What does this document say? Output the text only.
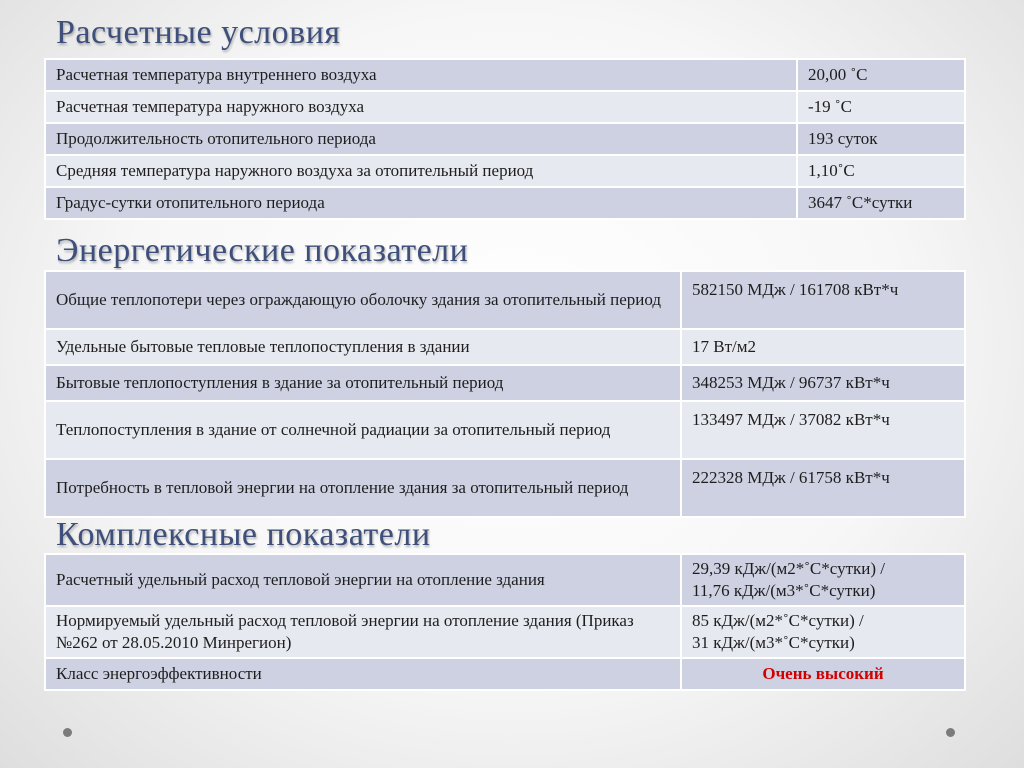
Расчетные условия
Расчетная температура внутреннего воздуха	20,00 ˚С
Расчетная температура наружного воздуха	-19 ˚С
Продолжительность отопительного периода	193 суток
Средняя температура наружного воздуха за отопительный период	1,10˚С
Градус-сутки отопительного периода	3647 ˚С*сутки
Энергетические показатели
Общие теплопотери через ограждающую оболочку здания за отопительный период	582150 МДж / 161708 кВт*ч
Удельные бытовые тепловые теплопоступления в здании	17 Вт/м2
Бытовые теплопоступления в здание за отопительный период	348253 МДж / 96737 кВт*ч
Теплопоступления в здание от солнечной радиации за отопительный период	133497 МДж / 37082 кВт*ч
Потребность в тепловой энергии на отопление здания за отопительный период	222328 МДж / 61758 кВт*ч
Комплексные показатели
Расчетный удельный расход тепловой энергии на отопление здания	29,39 кДж/(м2*˚С*сутки) /
11,76 кДж/(м3*˚С*сутки)

Нормируемый удельный расход тепловой энергии на отопление здания (Приказ №262 от 28.05.2010 Минрегион)	85 кДж/(м2*˚С*сутки) /
31 кДж/(м3*˚С*сутки)

Класс энергоэффективности	Очень высокий
